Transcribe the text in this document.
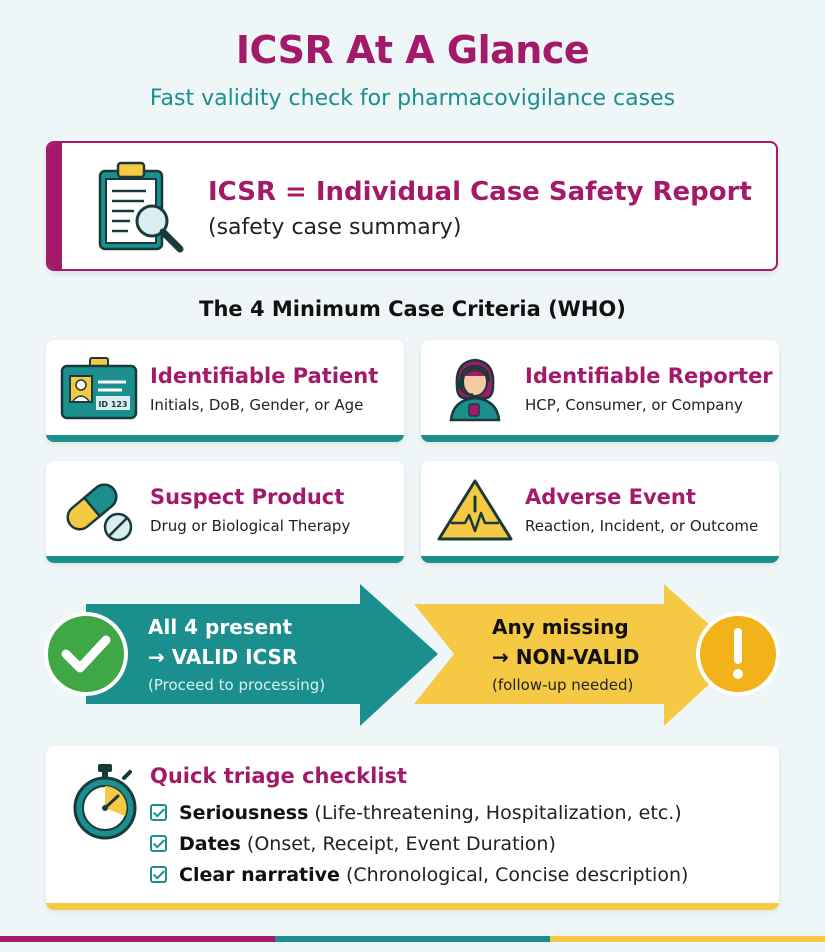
ICSR At A Glance
Fast validity check for pharmacovigilance cases
ICSR = Individual Case Safety Report
(safety case summary)
The 4 Minimum Case Criteria (WHO)
ID 123
Identifiable Patient
Initials, DoB, Gender, or Age
Identifiable Reporter
HCP, Consumer, or Company
Suspect Product
Drug or Biological Therapy
Adverse Event
Reaction, Incident, or Outcome
All 4 present
→ VALID ICSR
(Proceed to processing)
Any missing
→ NON-VALID
(follow-up needed)
Quick triage checklist
Seriousness (Life-threatening, Hospitalization, etc.)
Dates (Onset, Receipt, Event Duration)
Clear narrative (Chronological, Concise description)
